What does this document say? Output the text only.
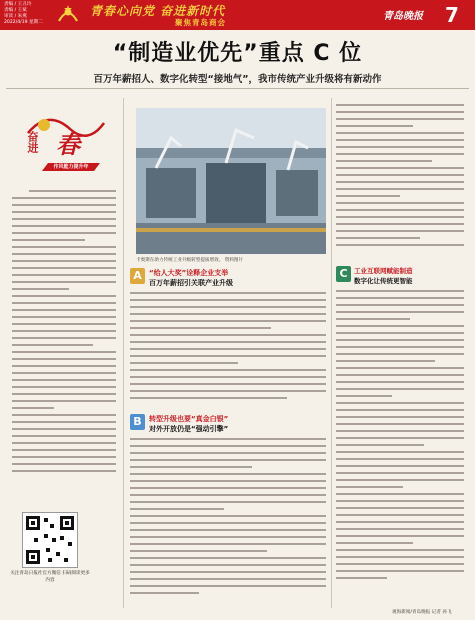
责编 / 王丑玲
责编 / 王斌
审读 / 朱燕
2022/4/19 星期二
青春心向党 奋进新时代
聚焦青岛商会
青岛晚报 7
“制造业优先”重点 C 位
百万年薪招人、数字化转型“接地气”，我市传统产业升级将有新动作
奋进 春
作风能力提升年
卡奥斯在助力传统工业升级转型提质增效。 资料图片
A	“给人大奖”诠释企业支举
百万年薪招引关联产业升级
B	转型升级也要“真金白银”
对外开放仍是“强动引擎”
C 工业互联网赋能制造
数字化让传统更智能
关注青岛日报社官方微信 扫码阅读更多内容
观海新闻/青岛晚报 记者 孙飞
